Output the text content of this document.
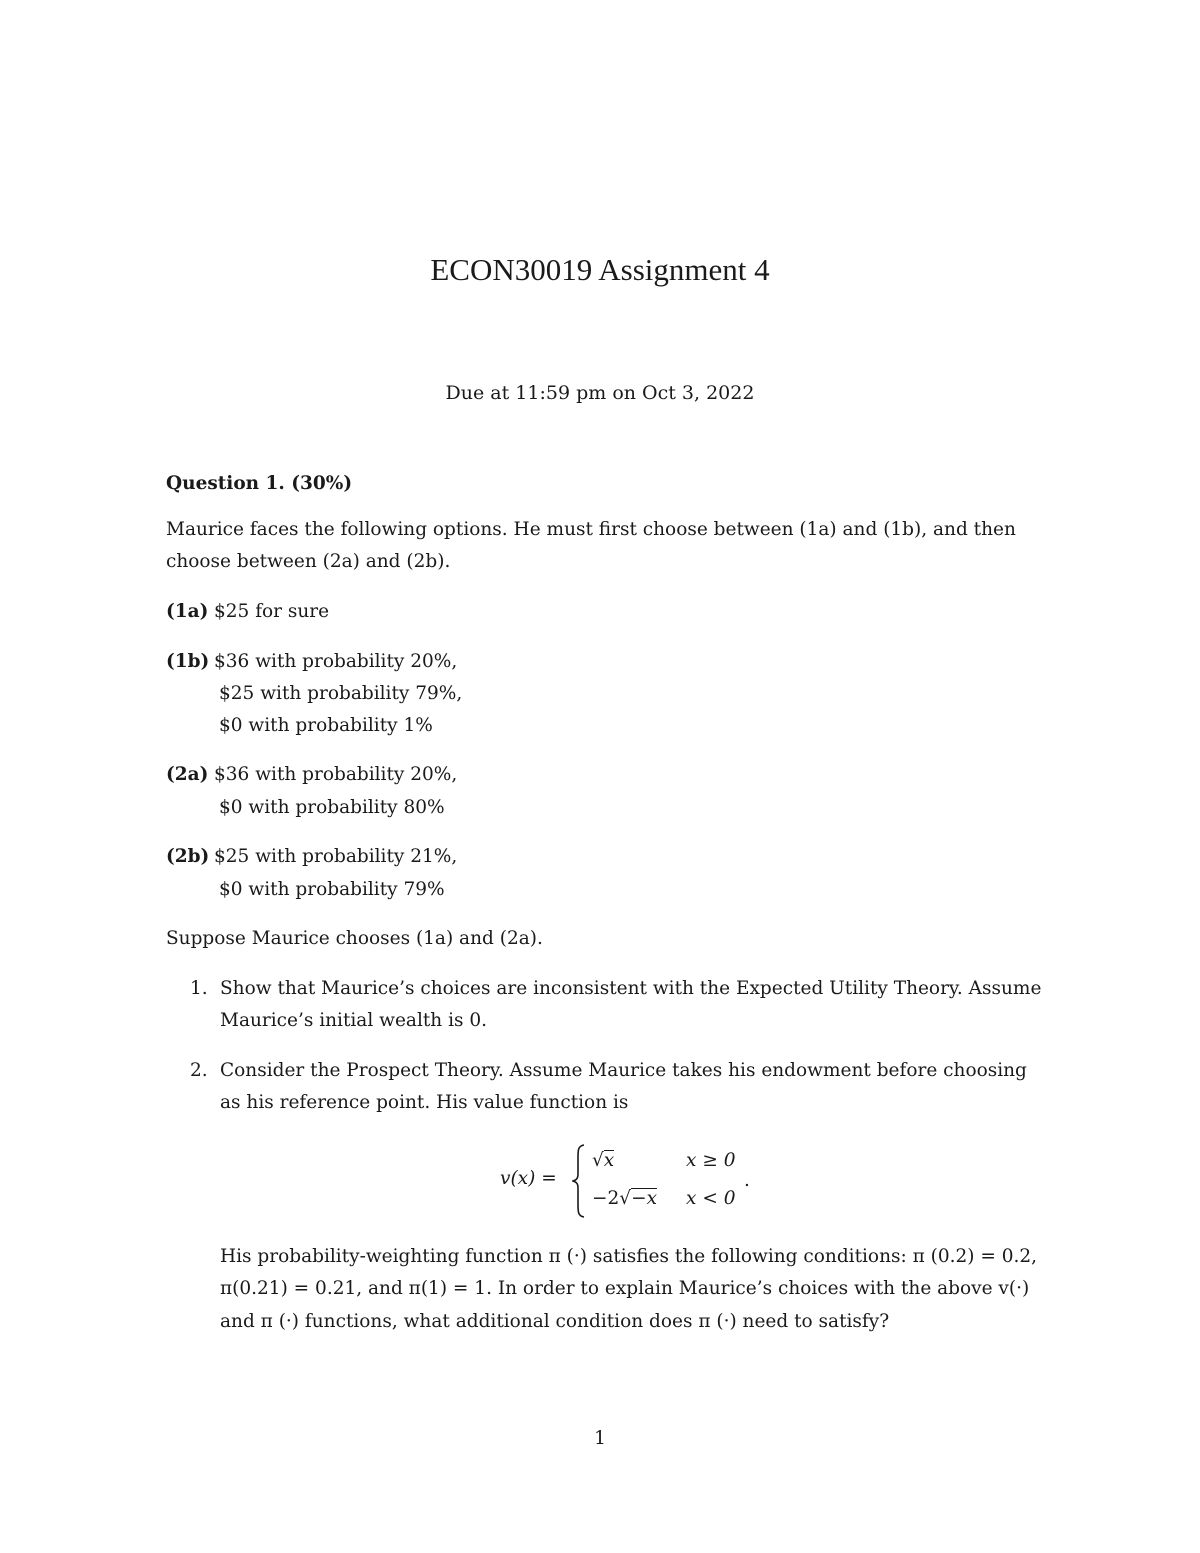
ECON30019 Assignment 4
Due at 11:59 pm on Oct 3, 2022
Question 1. (30%)
Maurice faces the following options. He must first choose between (1a) and (1b), and then
choose between (2a) and (2b).
(1a) $25 for sure
(1b) $36 with probability 20%,
$25 with probability 79%,
$0 with probability 1%
(2a) $36 with probability 20%,
$0 with probability 80%
(2b) $25 with probability 21%,
$0 with probability 79%
Suppose Maurice chooses (1a) and (2a).
1. Show that Maurice’s choices are inconsistent with the Expected Utility Theory. Assume
Maurice’s initial wealth is 0.
2. Consider the Prospect Theory. Assume Maurice takes his endowment before choosing
as his reference point. His value function is
v(x) =
√x	x ≥ 0
−2√−x x < 0
.
His probability-weighting function π (·) satisfies the following conditions: π (0.2) = 0.2,
π(0.21) = 0.21, and π(1) = 1. In order to explain Maurice’s choices with the above v(·)
and π (·) functions, what additional condition does π (·) need to satisfy?
1
